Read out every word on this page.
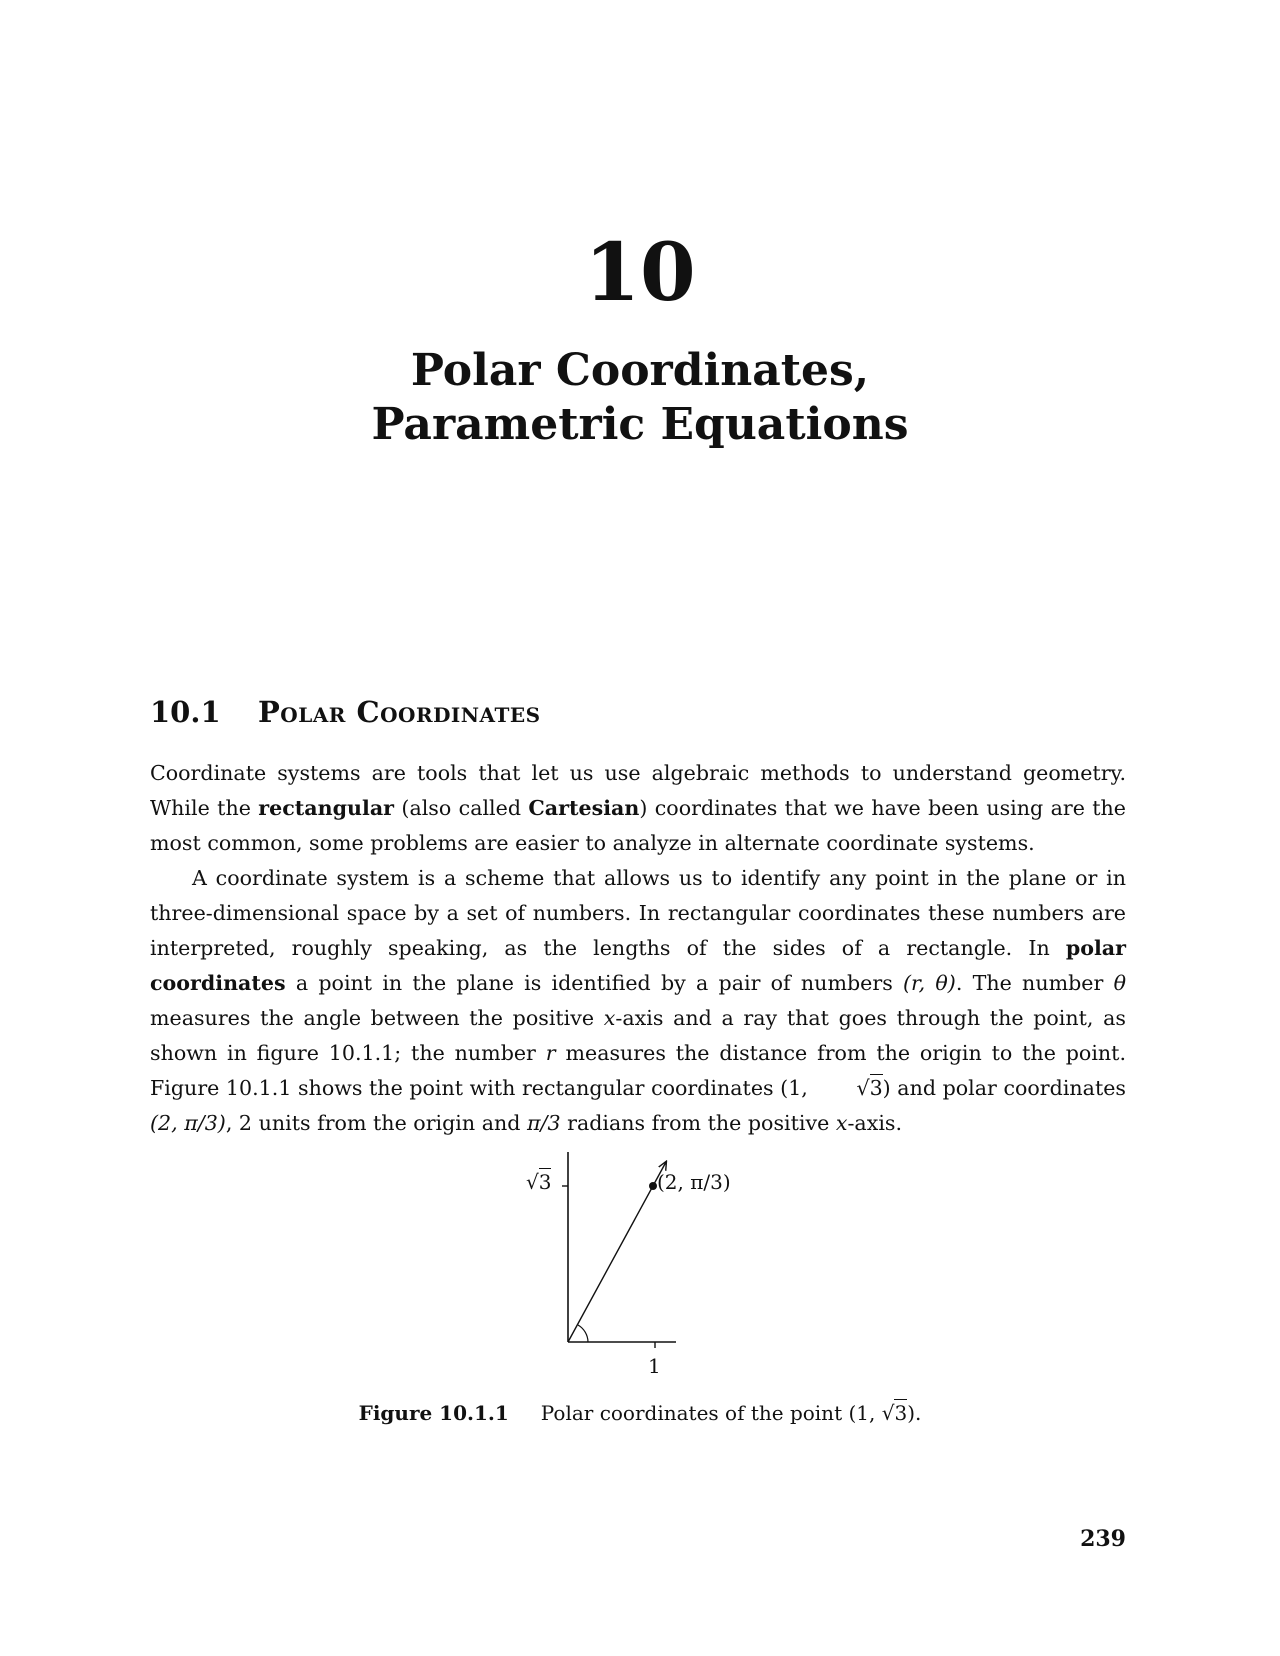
10
Polar Coordinates,
Parametric Equations
10.1 Polar Coordinates

Coordinate systems are tools that let us use algebraic methods to understand geometry. While the rectangular (also called Cartesian) coordinates that we have been using are the most common, some problems are easier to analyze in alternate coordinate systems.

A coordinate system is a scheme that allows us to identify any point in the plane or in three-dimensional space by a set of numbers. In rectangular coordinates these numbers are interpreted, roughly speaking, as the lengths of the sides of a rectangle. In polar coordinates a point in the plane is identified by a pair of numbers (r, θ). The number θ measures the angle between the positive x-axis and a ray that goes through the point, as shown in figure 10.1.1; the number r measures the distance from the origin to the point. Figure 10.1.1 shows the point with rectangular coordinates (1, √3) and polar coordinates (2, π/3), 2 units from the origin and π/3 radians from the positive x-axis.

√3	(2, π/3)
1
Figure 10.1.1 Polar coordinates of the point (1, √3).
239
